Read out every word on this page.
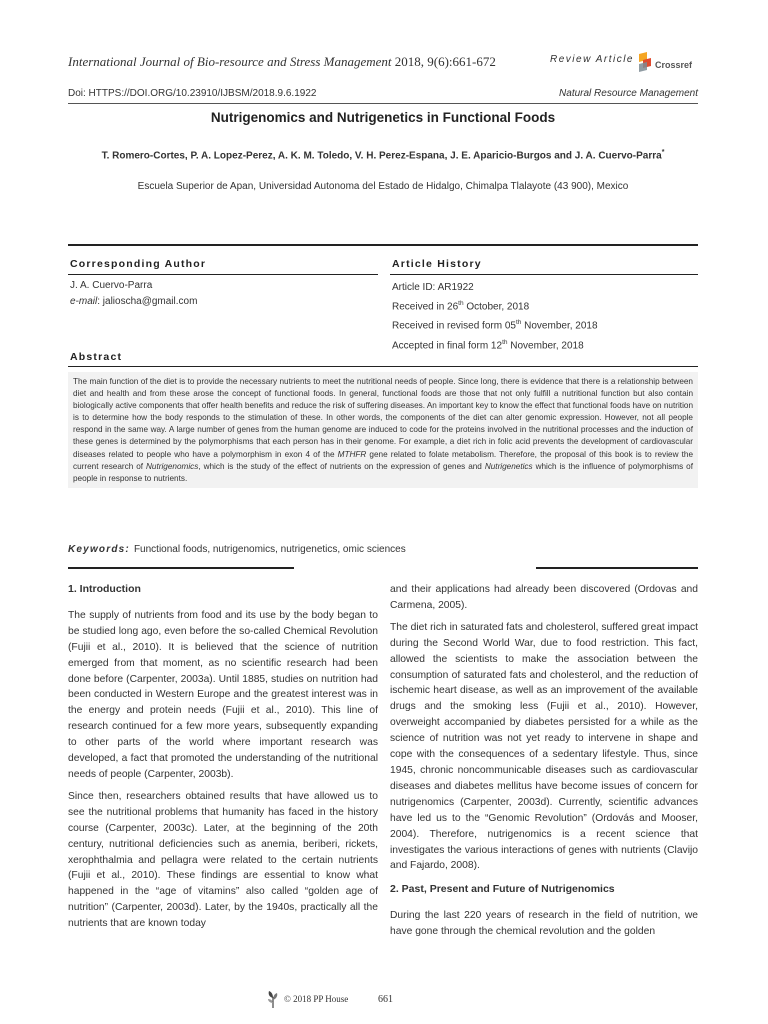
International Journal of Bio-resource and Stress Management 2018, 9(6):661-672	Review Article Crossref
Doi: HTTPS://DOI.ORG/10.23910/IJBSM/2018.9.6.1922	Natural Resource Management
Nutrigenomics and Nutrigenetics in Functional Foods
T. Romero-Cortes, P. A. Lopez-Perez, A. K. M. Toledo, V. H. Perez-Espana, J. E. Aparicio-Burgos and J. A. Cuervo-Parra*
Escuela Superior de Apan, Universidad Autonoma del Estado de Hidalgo, Chimalpa Tlalayote (43 900), Mexico
Corresponding Author
J. A. Cuervo-Parra
e-mail: jalioscha@gmail.com
Article History
Article ID: AR1922
Received in 26th October, 2018
Received in revised form 05th November, 2018
Accepted in final form 12th November, 2018
Abstract
The main function of the diet is to provide the necessary nutrients to meet the nutritional needs of people. Since long, there is evidence that there is a relationship between diet and health and from these arose the concept of functional foods. In general, functional foods are those that not only fulfill a nutritional function but also contain biologically active components that offer health benefits and reduce the risk of suffering diseases. An important key to know the effect that functional foods have on nutrition is to determine how the body responds to the stimulation of these. In other words, the components of the diet can alter genomic expression. However, not all people respond in the same way. A large number of genes from the human genome are induced to code for the proteins involved in the nutritional processes and the induction of these genes is determined by the polymorphisms that each person has in their genome. For example, a diet rich in folic acid prevents the development of cardiovascular diseases related to people who have a polymorphism in exon 4 of the MTHFR gene related to folate metabolism. Therefore, the proposal of this book is to review the current research of Nutrigenomics, which is the study of the effect of nutrients on the expression of genes and Nutrigenetics which is the influence of polymorphisms of people in response to nutrients.
Keywords: Functional foods, nutrigenomics, nutrigenetics, omic sciences
1. Introduction

The supply of nutrients from food and its use by the body began to be studied long ago, even before the so-called Chemical Revolution (Fujii et al., 2010). It is believed that the science of nutrition emerged from that moment, as no scientific research had been done before (Carpenter, 2003a). Until 1885, studies on nutrition had been conducted in Western Europe and the greatest interest was in the energy and protein needs (Fujii et al., 2010). This line of research continued for a few more years, subsequently expanding to other parts of the world where important research was developed, a fact that promoted the understanding of the nutritional needs of people (Carpenter, 2003b).

Since then, researchers obtained results that have allowed us to see the nutritional problems that humanity has faced in the history course (Carpenter, 2003c). Later, at the beginning of the 20th century, nutritional deficiencies such as anemia, beriberi, rickets, xerophthalmia and pellagra were related to the certain nutrients (Fujii et al., 2010). These findings are essential to know what happened in the “age of vitamins” also called “golden age of nutrition” (Carpenter, 2003d). Later, by the 1940s, practically all the nutrients that are known today

and their applications had already been discovered (Ordovas and Carmena, 2005).

The diet rich in saturated fats and cholesterol, suffered great impact during the Second World War, due to food restriction. This fact, allowed the scientists to make the association between the consumption of saturated fats and cholesterol, and the reduction of ischemic heart disease, as well as an improvement of the available drugs and the smoking less (Fujii et al., 2010). However, overweight accompanied by diabetes persisted for a while as the science of nutrition was not yet ready to intervene in shape and cope with the consequences of a sedentary lifestyle. Thus, since 1945, chronic noncommunicable diseases such as cardiovascular diseases and diabetes mellitus have become issues of concern for nutrigenomics (Carpenter, 2003d). Currently, scientific advances have led us to the “Genomic Revolution” (Ordovás and Mooser, 2004). Therefore, nutrigenomics is a recent science that investigates the various interactions of genes with nutrients (Clavijo and Fajardo, 2008).

2. Past, Present and Future of Nutrigenomics

During the last 220 years of research in the field of nutrition, we have gone through the chemical revolution and the golden

© 2018 PP House	661
